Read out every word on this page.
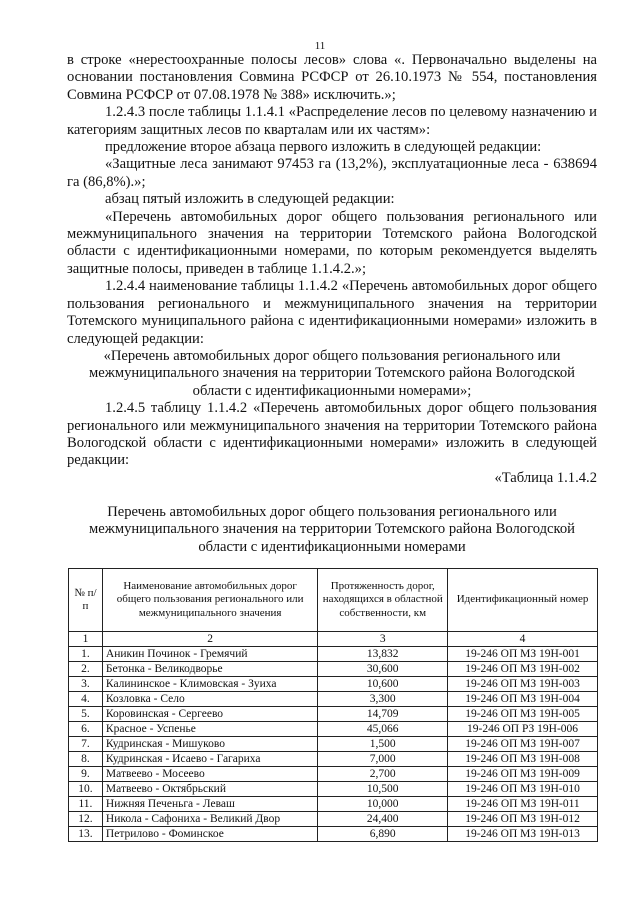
11

в строке «нерестоохранные полосы лесов» слова «. Первоначально выделены на основании постановления Совмина РСФСР от 26.10.1973 № 554, постановления Совмина РСФСР от 07.08.1978 № 388» исключить.»;

1.2.4.3 после таблицы 1.1.4.1 «Распределение лесов по целевому назначению и категориям защитных лесов по кварталам или их частям»:

предложение второе абзаца первого изложить в следующей редакции:

«Защитные леса занимают 97453 га (13,2%), эксплуатационные леса - 638694 га (86,8%).»;

абзац пятый изложить в следующей редакции:

«Перечень автомобильных дорог общего пользования регионального или межмуниципального значения на территории Тотемского района Вологодской области с идентификационными номерами, по которым рекомендуется выделять защитные полосы, приведен в таблице 1.1.4.2.»;

1.2.4.4 наименование таблицы 1.1.4.2 «Перечень автомобильных дорог общего пользования регионального и межмуниципального значения на территории Тотемского муниципального района с идентификационными номерами» изложить в следующей редакции:

«Перечень автомобильных дорог общего пользования регионального или межмуниципального значения на территории Тотемского района Вологодской области с идентификационными номерами»;

1.2.4.5 таблицу 1.1.4.2 «Перечень автомобильных дорог общего пользования регионального или межмуниципального значения на территории Тотемского района Вологодской области с идентификационными номерами» изложить в следующей редакции:

«Таблица 1.1.4.2

Перечень автомобильных дорог общего пользования регионального или межмуниципального значения на территории Тотемского района Вологодской области с идентификационными номерами
№ п/п	Наименование автомобильных дорог общего пользования регионального или межмуниципального значения	Протяженность дорог, находящихся в областной собственности, км	Идентификационный номер
1	2	3	4
1.	Аникин Починок - Гремячий	13,832	19-246 ОП МЗ 19Н-001
2.	Бетонка - Великодворье	30,600	19-246 ОП МЗ 19Н-002
3.	Калининское - Климовская - Зуиха	10,600	19-246 ОП МЗ 19Н-003
4.	Козловка - Село	3,300	19-246 ОП МЗ 19Н-004
5.	Коровинская - Сергеево	14,709	19-246 ОП МЗ 19Н-005
6.	Красное - Успенье	45,066	19-246 ОП РЗ 19Н-006
7.	Кудринская - Мишуково	1,500	19-246 ОП МЗ 19Н-007
8.	Кудринская - Исаево - Гагариха	7,000	19-246 ОП МЗ 19Н-008
9.	Матвеево - Мосеево	2,700	19-246 ОП МЗ 19Н-009
10.	Матвеево - Октябрьский	10,500	19-246 ОП МЗ 19Н-010
11.	Нижняя Печеньга - Леваш	10,000	19-246 ОП МЗ 19Н-011
12.	Никола - Сафониха - Великий Двор	24,400	19-246 ОП МЗ 19Н-012
13.	Петрилово - Фоминское	6,890	19-246 ОП МЗ 19Н-013
